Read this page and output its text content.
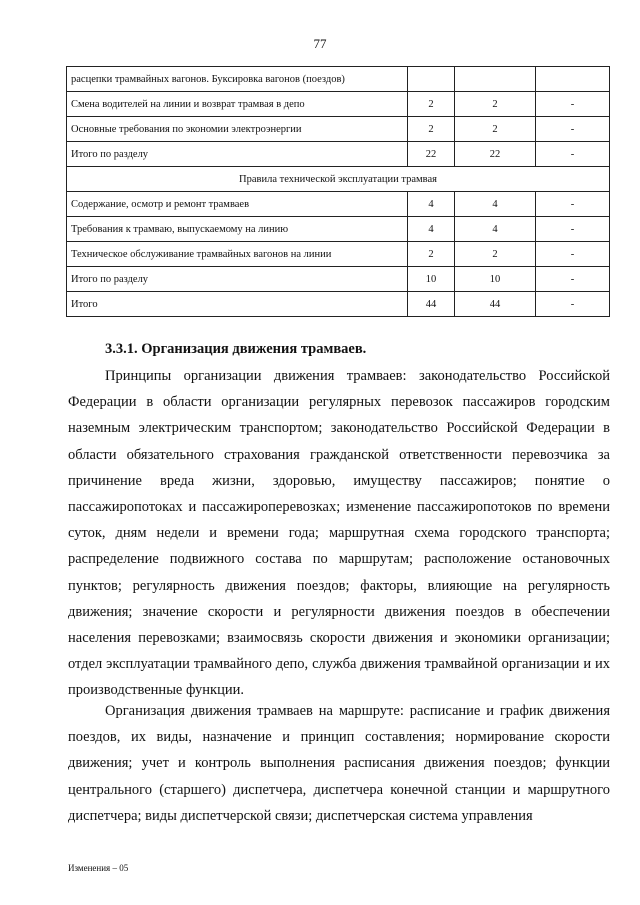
77
расцепки трамвайных вагонов. Буксировка вагонов (поездов)			
Смена водителей на линии и возврат трамвая в депо	2	2	-
Основные требования по экономии электроэнергии	2	2	-
Итого по разделу	22	22	-
Правила технической эксплуатации трамвая			
Содержание, осмотр и ремонт трамваев	4	4	-
Требования к трамваю, выпускаемому на линию	4	4	-
Техническое обслуживание трамвайных вагонов на линии	2	2	-
Итого по разделу	10	10	-
Итого	44	44	-
3.3.1. Организация движения трамваев.

Принципы организации движения трамваев: законодательство Российской Федерации в области организации регулярных перевозок пассажиров городским наземным электрическим транспортом; законодательство Российской Федерации в области обязательного страхования гражданской ответственности перевозчика за причинение вреда жизни, здоровью, имуществу пассажиров; понятие о пассажиропотоках и пассажироперевозках; изменение пассажиропотоков по времени суток, дням недели и времени года; маршрутная схема городского транспорта; распределение подвижного состава по маршрутам; расположение остановочных пунктов; регулярность движения поездов; факторы, влияющие на регулярность движения; значение скорости и регулярности движения поездов в обеспечении населения перевозками; взаимосвязь скорости движения и экономики организации; отдел эксплуатации трамвайного депо, служба движения трамвайной организации и их производственные функции.

Организация движения трамваев на маршруте: расписание и график движения поездов, их виды, назначение и принцип составления; нормирование скорости движения; учет и контроль выполнения расписания движения поездов; функции центрального (старшего) диспетчера, диспетчера конечной станции и маршрутного диспетчера; виды диспетчерской связи; диспетчерская система управления

Изменения – 05
